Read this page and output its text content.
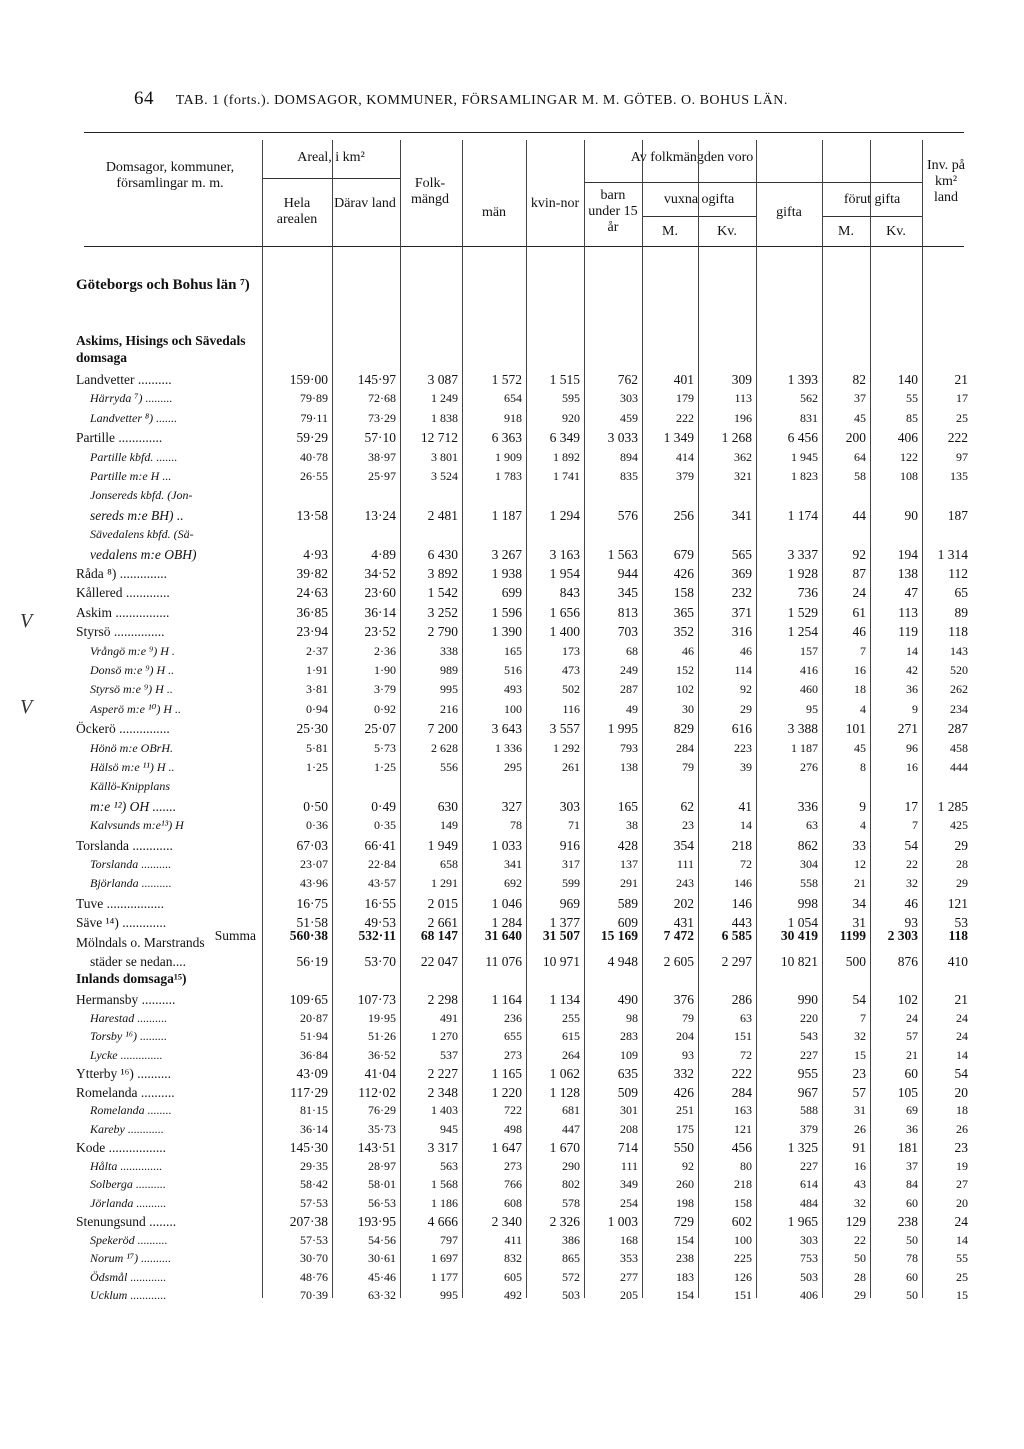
64 TAB. 1 (forts.). DOMSAGOR, KOMMUNER, FÖRSAMLINGAR M. M. GÖTEB. O. BOHUS LÄN.
Domsagor, kommuner, församlingar m. m.
Areal, i km²
Hela arealen
Därav land
Folk-mängd
Av folkmängden voro
män
kvin-nor
barn under 15 år
vuxna ogifta
M.	Kv.
gifta
förut gifta
M.	Kv.
Inv. på km² land
Göteborgs och Bohus län ⁷)
Askims, Hisings och Sävedals domsaga
Inlands domsaga¹⁵)
V
V
Landvetter ..........	159·00	145·97	3 087	1 572	1 515	762	401	309	1 393	82	140	21
Härryda ⁷) .........	79·89	72·68	1 249	654	595	303	179	113	562	37	55	17
Landvetter ⁸) .......	79·11	73·29	1 838	918	920	459	222	196	831	45	85	25
Partille .............	59·29	57·10	12 712	6 363	6 349	3 033	1 349	1 268	6 456	200	406	222
Partille kbfd. .......	40·78	38·97	3 801	1 909	1 892	894	414	362	1 945	64	122	97
Partille m:e H ...	26·55	25·97	3 524	1 783	1 741	835	379	321	1 823	58	108	135
Jonsereds kbfd. (Jon-
sereds m:e BH) ..	13·58	13·24	2 481	1 187	1 294	576	256	341	1 174	44	90	187
Sävedalens kbfd. (Sä-
vedalens m:e OBH)	4·93	4·89	6 430	3 267	3 163	1 563	679	565	3 337	92	194	1 314
Råda ⁸) ..............	39·82	34·52	3 892	1 938	1 954	944	426	369	1 928	87	138	112
Kållered .............	24·63	23·60	1 542	699	843	345	158	232	736	24	47	65
Askim ................	36·85	36·14	3 252	1 596	1 656	813	365	371	1 529	61	113	89
Styrsö ...............	23·94	23·52	2 790	1 390	1 400	703	352	316	1 254	46	119	118
Vrångö m:e ⁹) H .	2·37	2·36	338	165	173	68	46	46	157	7	14	143
Donsö m:e ⁹) H ..	1·91	1·90	989	516	473	249	152	114	416	16	42	520
Styrsö m:e ⁹) H ..	3·81	3·79	995	493	502	287	102	92	460	18	36	262
Asperö m:e ¹⁰) H ..	0·94	0·92	216	100	116	49	30	29	95	4	9	234
Öckerö ...............	25·30	25·07	7 200	3 643	3 557	1 995	829	616	3 388	101	271	287
Hönö m:e OBrH.	5·81	5·73	2 628	1 336	1 292	793	284	223	1 187	45	96	458
Hälsö m:e ¹¹) H ..	1·25	1·25	556	295	261	138	79	39	276	8	16	444
Källö-Knipplans
m:e ¹²) OH .......	0·50	0·49	630	327	303	165	62	41	336	9	17	1 285
Kalvsunds m:e¹³) H	0·36	0·35	149	78	71	38	23	14	63	4	7	425
Torslanda ............	67·03	66·41	1 949	1 033	916	428	354	218	862	33	54	29
Torslanda ..........	23·07	22·84	658	341	317	137	111	72	304	12	22	28
Björlanda ..........	43·96	43·57	1 291	692	599	291	243	146	558	21	32	29
Tuve .................	16·75	16·55	2 015	1 046	969	589	202	146	998	34	46	121
Säve ¹⁴) .............	51·58	49·53	2 661	1 284	1 377	609	431	443	1 054	31	93	53
Mölndals o. Marstrands
städer se nedan....	56·19	53·70	22 047	11 076	10 971	4 948	2 605	2 297	10 821	500	876	410
Summa	560·38	532·11	68 147	31 640	31 507	15 169	7 472	6 585	30 419	1199	2 303	118
Hermansby ..........	109·65	107·73	2 298	1 164	1 134	490	376	286	990	54	102	21
Harestad ..........	20·87	19·95	491	236	255	98	79	63	220	7	24	24
Torsby ¹⁶) .........	51·94	51·26	1 270	655	615	283	204	151	543	32	57	24
Lycke ..............	36·84	36·52	537	273	264	109	93	72	227	15	21	14
Ytterby ¹⁶) ..........	43·09	41·04	2 227	1 165	1 062	635	332	222	955	23	60	54
Romelanda ..........	117·29	112·02	2 348	1 220	1 128	509	426	284	967	57	105	20
Romelanda ........	81·15	76·29	1 403	722	681	301	251	163	588	31	69	18
Kareby ............	36·14	35·73	945	498	447	208	175	121	379	26	36	26
Kode .................	145·30	143·51	3 317	1 647	1 670	714	550	456	1 325	91	181	23
Hålta ..............	29·35	28·97	563	273	290	111	92	80	227	16	37	19
Solberga ..........	58·42	58·01	1 568	766	802	349	260	218	614	43	84	27
Jörlanda ..........	57·53	56·53	1 186	608	578	254	198	158	484	32	60	20
Stenungsund ........	207·38	193·95	4 666	2 340	2 326	1 003	729	602	1 965	129	238	24
Spekeröd ..........	57·53	54·56	797	411	386	168	154	100	303	22	50	14
Norum ¹⁷) ..........	30·70	30·61	1 697	832	865	353	238	225	753	50	78	55
Ödsmål ............	48·76	45·46	1 177	605	572	277	183	126	503	28	60	25
Ucklum ............	70·39	63·32	995	492	503	205	154	151	406	29	50	15
